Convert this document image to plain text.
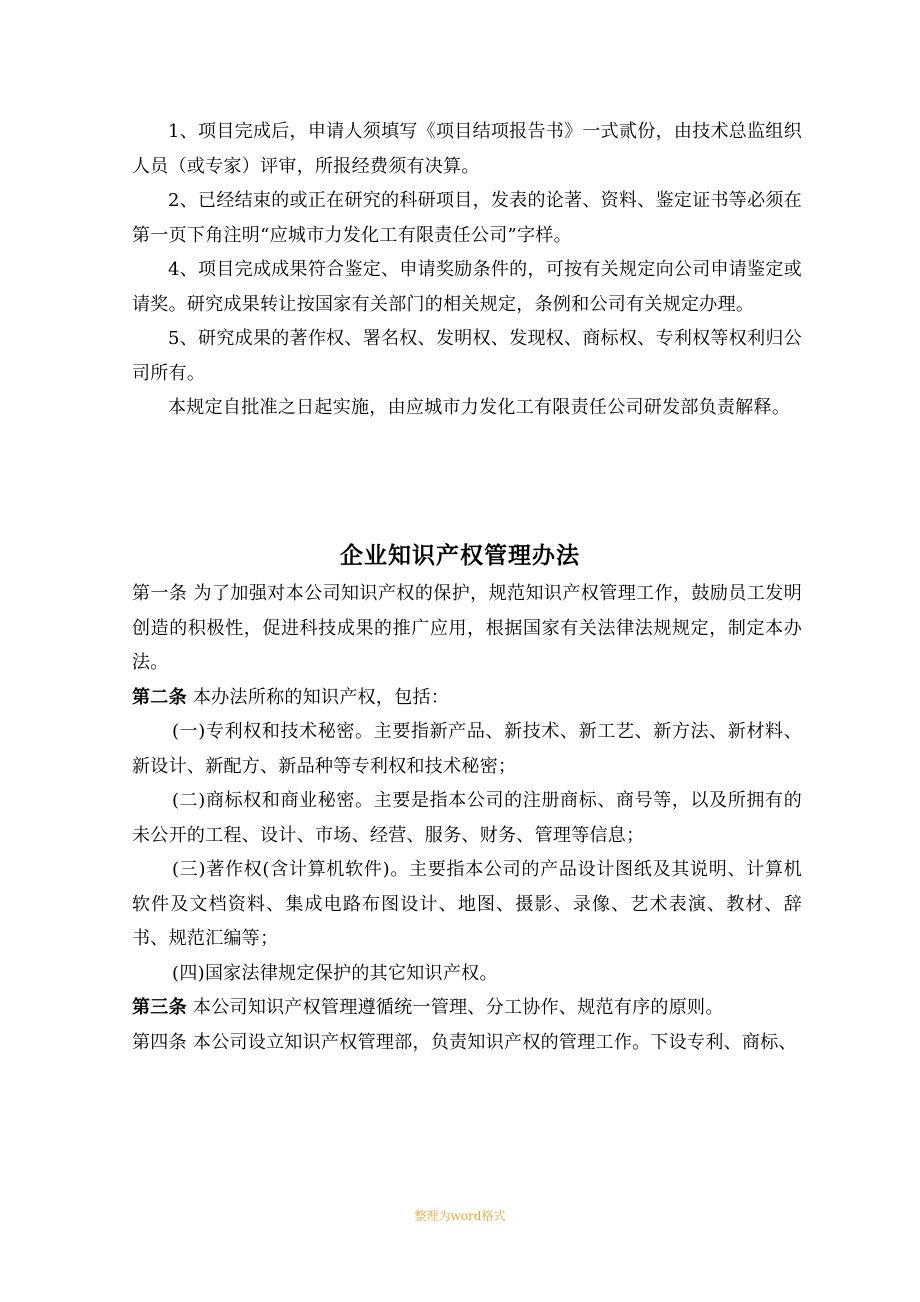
1、项目完成后，申请人须填写《项目结项报告书》一式贰份，由技术总监组织人员（或专家）评审，所报经费须有决算。

2、已经结束的或正在研究的科研项目，发表的论著、资料、鉴定证书等必须在第一页下角注明“应城市力发化工有限责任公司”字样。

4、项目完成成果符合鉴定、申请奖励条件的，可按有关规定向公司申请鉴定或请奖。研究成果转让按国家有关部门的相关规定，条例和公司有关规定办理。

5、研究成果的著作权、署名权、发明权、发现权、商标权、专利权等权利归公司所有。

本规定自批准之日起实施，由应城市力发化工有限责任公司研发部负责解释。

企业知识产权管理办法

第一条 为了加强对本公司知识产权的保护，规范知识产权管理工作，鼓励员工发明创造的积极性，促进科技成果的推广应用，根据国家有关法律法规规定，制定本办法。

第二条 本办法所称的知识产权，包括：

(一)专利权和技术秘密。主要指新产品、新技术、新工艺、新方法、新材料、新设计、新配方、新品种等专利权和技术秘密；

(二)商标权和商业秘密。主要是指本公司的注册商标、商号等，以及所拥有的未公开的工程、设计、市场、经营、服务、财务、管理等信息；

(三)著作权(含计算机软件)。主要指本公司的产品设计图纸及其说明、计算机软件及文档资料、集成电路布图设计、地图、摄影、录像、艺术表演、教材、辞书、规范汇编等；

(四)国家法律规定保护的其它知识产权。

第三条 本公司知识产权管理遵循统一管理、分工协作、规范有序的原则。

第四条 本公司设立知识产权管理部，负责知识产权的管理工作。下设专利、商标、

整理为word格式
